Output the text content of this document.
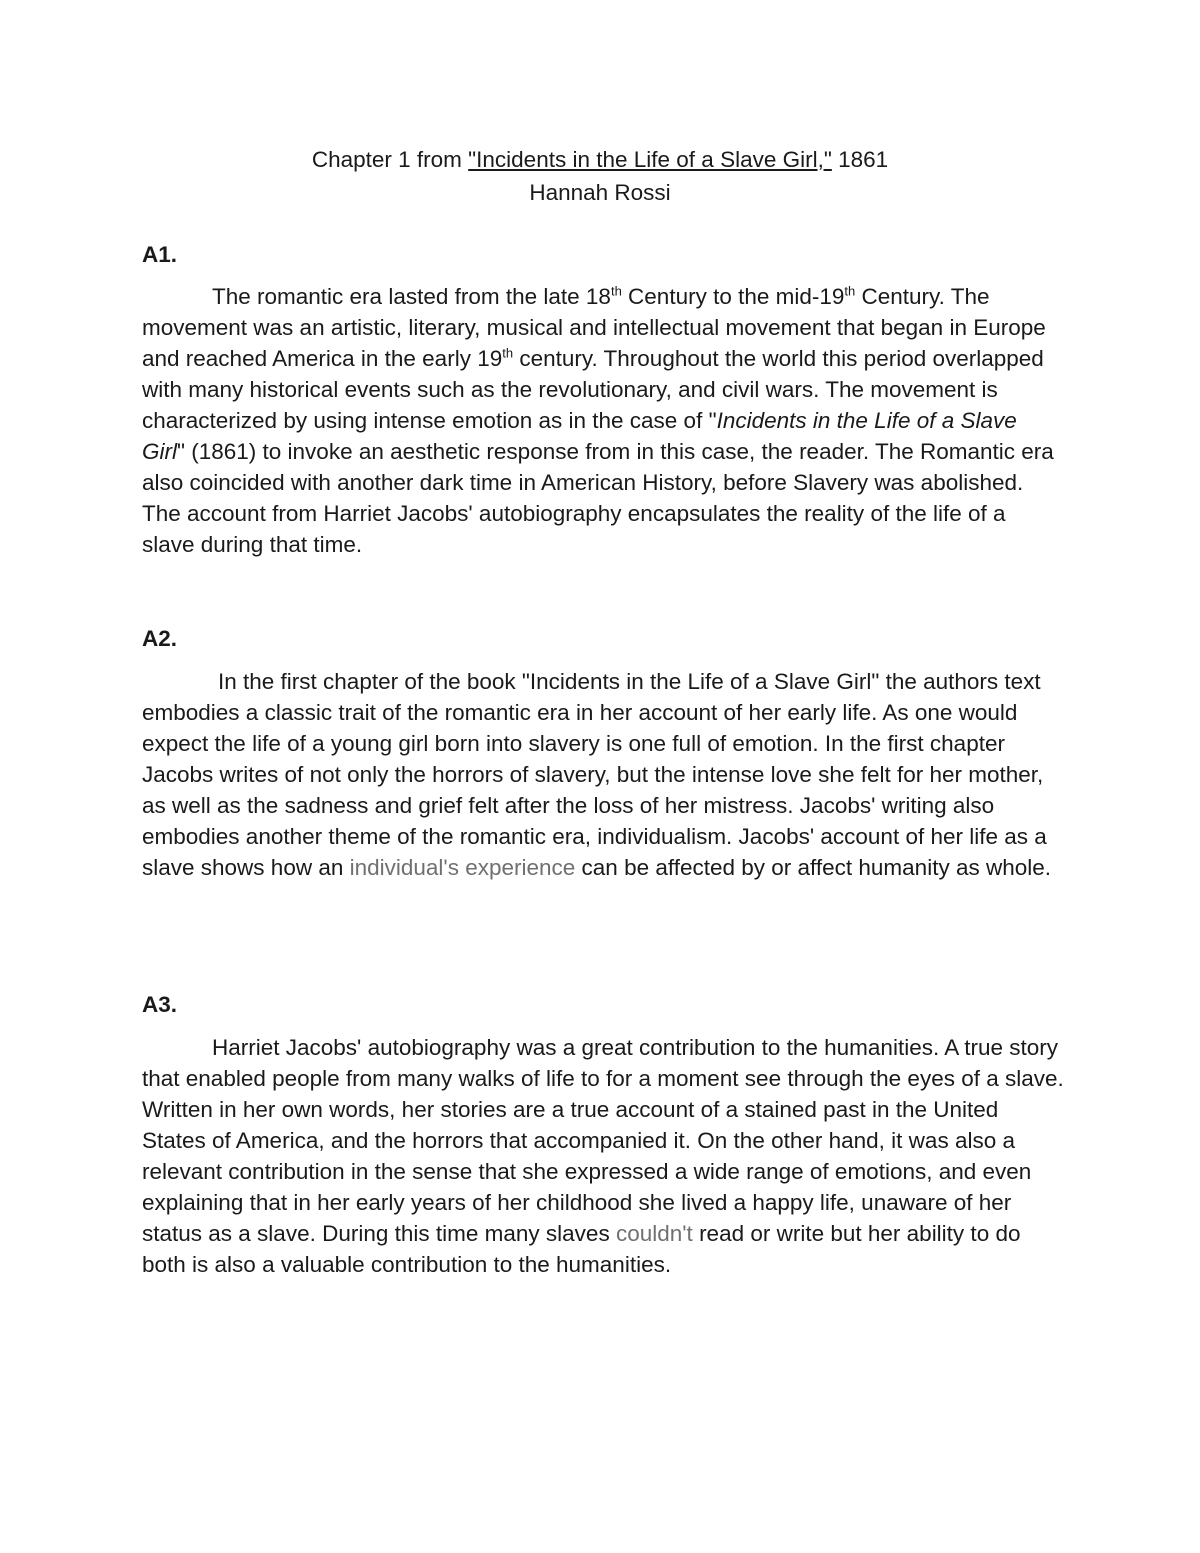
Chapter 1 from "Incidents in the Life of a Slave Girl," 1861

Hannah Rossi

A1.

The romantic era lasted from the late 18th Century to the mid-19th Century. The movement was an artistic, literary, musical and intellectual movement that began in Europe and reached America in the early 19th century. Throughout the world this period overlapped with many historical events such as the revolutionary, and civil wars. The movement is characterized by using intense emotion as in the case of "Incidents in the Life of a Slave Girl" (1861) to invoke an aesthetic response from in this case, the reader. The Romantic era also coincided with another dark time in American History, before Slavery was abolished. The account from Harriet Jacobs' autobiography encapsulates the reality of the life of a slave during that time.

A2.

In the first chapter of the book "Incidents in the Life of a Slave Girl" the authors text embodies a classic trait of the romantic era in her account of her early life. As one would expect the life of a young girl born into slavery is one full of emotion. In the first chapter Jacobs writes of not only the horrors of slavery, but the intense love she felt for her mother, as well as the sadness and grief felt after the loss of her mistress. Jacobs' writing also embodies another theme of the romantic era, individualism. Jacobs' account of her life as a slave shows how an individual's experience can be affected by or affect humanity as whole.

A3.

Harriet Jacobs' autobiography was a great contribution to the humanities. A true story that enabled people from many walks of life to for a moment see through the eyes of a slave. Written in her own words, her stories are a true account of a stained past in the United States of America, and the horrors that accompanied it. On the other hand, it was also a relevant contribution in the sense that she expressed a wide range of emotions, and even explaining that in her early years of her childhood she lived a happy life, unaware of her status as a slave. During this time many slaves couldn't read or write but her ability to do both is also a valuable contribution to the humanities.
